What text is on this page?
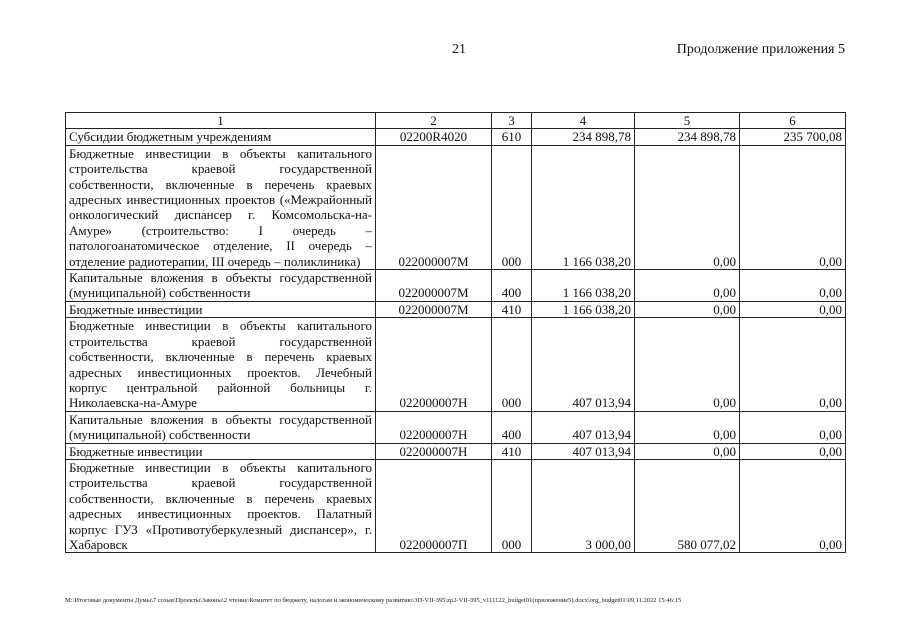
21	Продолжение приложения 5
1	2	3	4	5	6
Субсидии бюджетным учреждениям	02200R4020	610	234 898,78	234 898,78	235 700,08
Бюджетные инвестиции в объекты капитального строительства краевой государственной собственности, включенные в перечень краевых адресных инвестиционных проектов («Межрайонный онкологический диспансер г. Комсомольска-на-Амуре» (строительство: I очередь – патологоанатомическое отделение, II очередь – отделение радиотерапии, III очередь – поликлиника)	022000007М	000	1 166 038,20	0,00	0,00
Капитальные вложения в объекты государственной (муниципальной) собственности	022000007М	400	1 166 038,20	0,00	0,00
Бюджетные инвестиции	022000007М	410	1 166 038,20	0,00	0,00
Бюджетные инвестиции в объекты капитального строительства краевой государственной собственности, включенные в перечень краевых адресных инвестиционных проектов. Лечебный корпус центральной районной больницы г. Николаевска-на-Амуре	022000007Н	000	407 013,94	0,00	0,00
Капитальные вложения в объекты государственной (муниципальной) собственности	022000007Н	400	407 013,94	0,00	0,00
Бюджетные инвестиции	022000007Н	410	407 013,94	0,00	0,00
Бюджетные инвестиции в объекты капитального строительства краевой государственной собственности, включенные в перечень краевых адресных инвестиционных проектов. Палатный корпус ГУЗ «Противотуберкулезный диспансер», г. Хабаровск	022000007П	000	3 000,00	580 077,02	0,00
M:\Итоговые документы Думы\7 созыв\Проекты\Законы\2 чтение\Комитет по бюджету, налогам и экономическому развитию\ЗП-VII-395\zp2-VII-395_v111122_budget01(приложение5).docx\org_budget01\09.11.2022 15:46:15
